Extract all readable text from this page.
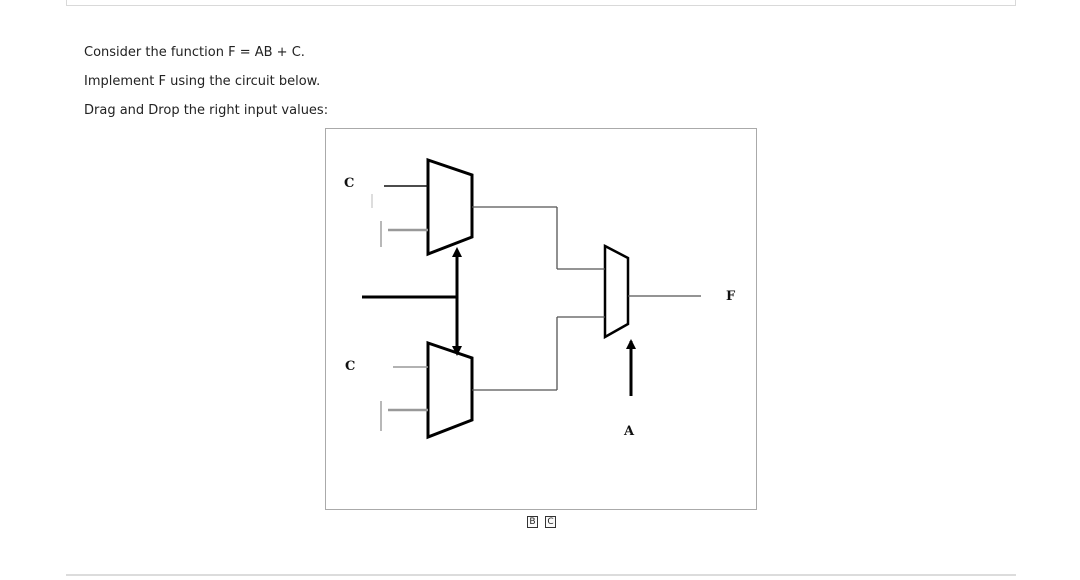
Consider the function F = AB + C.

Implement F using the circuit below.

Drag and Drop the right input values:

C
C
F
A
B C
